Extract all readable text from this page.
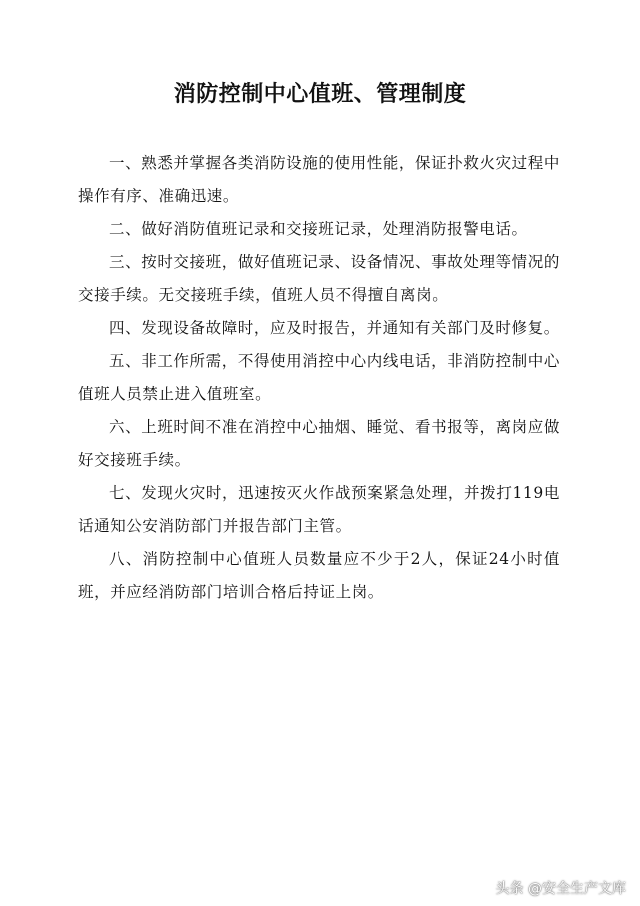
消防控制中心值班、管理制度

一、熟悉并掌握各类消防设施的使用性能，保证扑救火灾过程中操作有序、准确迅速。

二、做好消防值班记录和交接班记录，处理消防报警电话。

三、按时交接班，做好值班记录、设备情况、事故处理等情况的交接手续。无交接班手续，值班人员不得擅自离岗。

四、发现设备故障时，应及时报告，并通知有关部门及时修复。

五、非工作所需，不得使用消控中心内线电话，非消防控制中心值班人员禁止进入值班室。

六、上班时间不准在消控中心抽烟、睡觉、看书报等，离岗应做好交接班手续。

七、发现火灾时，迅速按灭火作战预案紧急处理，并拨打119电话通知公安消防部门并报告部门主管。

八、消防控制中心值班人员数量应不少于2人，保证24小时值班，并应经消防部门培训合格后持证上岗。

头条 @安全生产文库
